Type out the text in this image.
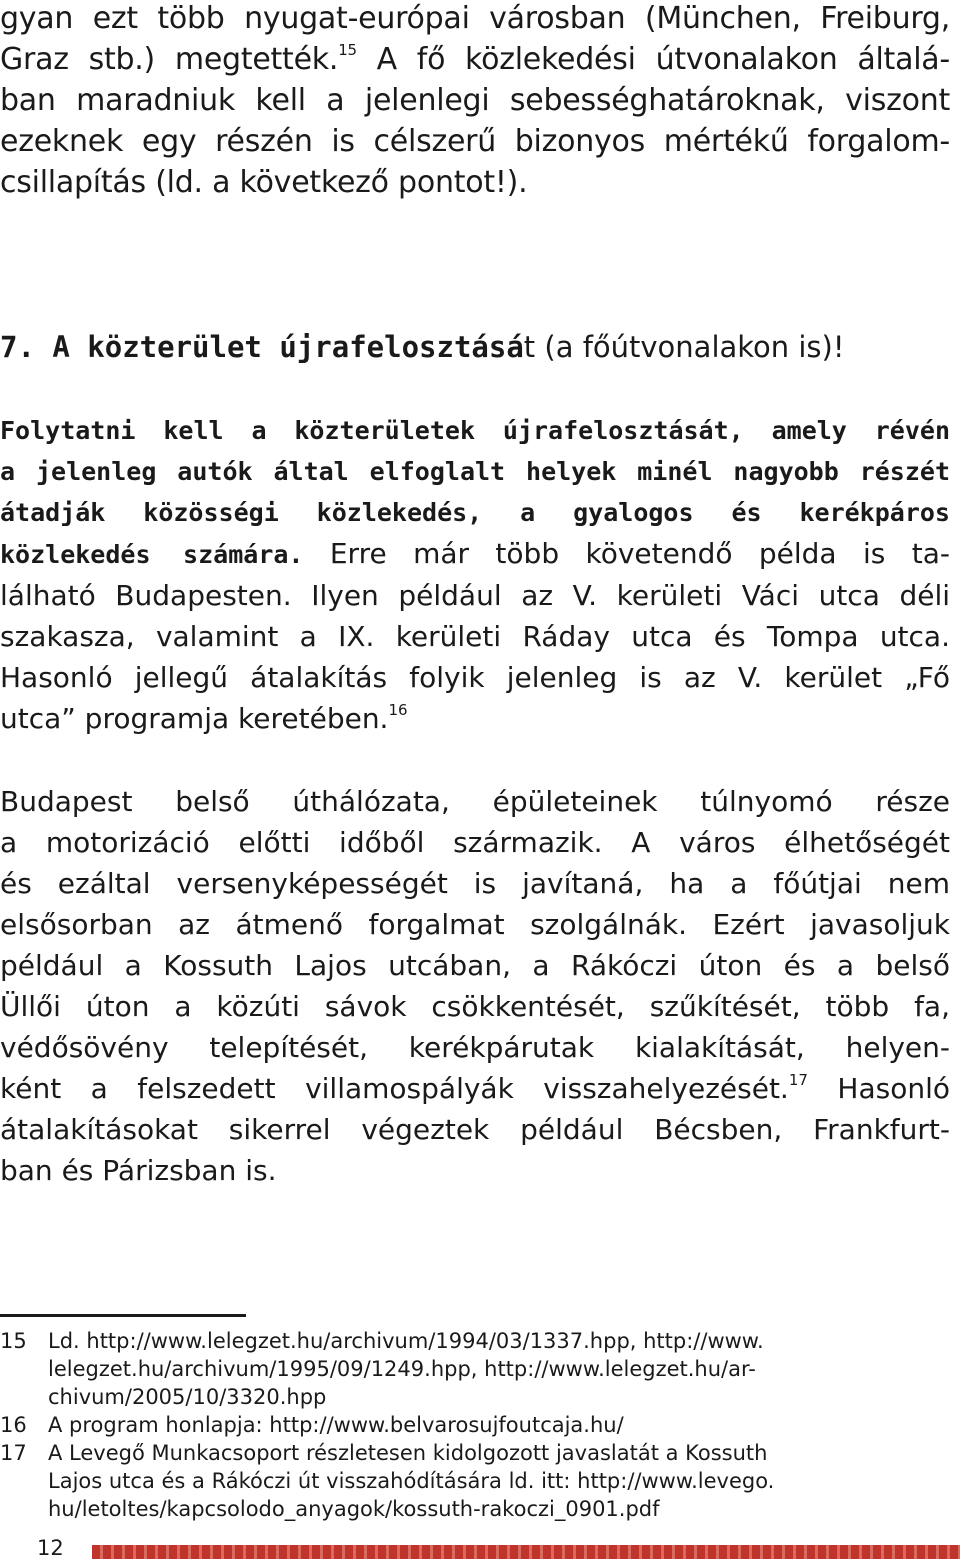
gyan ezt több nyugat-európai városban (München, Freiburg,
Graz stb.) megtették.$^{15}$ A fő közlekedési útvonalakon általá-
ban maradniuk kell a jelenlegi sebességhatároknak, viszont
ezeknek egy részén is célszerű bizonyos mértékű forgalom-
csillapítás (ld. a következő pontot!).
7. A közterület újrafelosztását (a főútvonalakon is)!
Folytatni kell a közterületek újrafelosztását, amely révén
a jelenleg autók által elfoglalt helyek minél nagyobb részét
átadják közösségi közlekedés, a gyalogos és kerékpáros
közlekedés számára. Erre már több követendő példa is ta-
lálható Budapesten. Ilyen például az V. kerületi Váci utca déli
szakasza, valamint a IX. kerületi Ráday utca és Tompa utca.
Hasonló jellegű átalakítás folyik jelenleg is az V. kerület „Fő
utca” programja keretében.$^{16}$
Budapest belső úthálózata, épületeinek túlnyomó része
a motorizáció előtti időből származik. A város élhetőségét
és ezáltal versenyképességét is javítaná, ha a főútjai nem
elsősorban az átmenő forgalmat szolgálnák. Ezért javasoljuk
például a Kossuth Lajos utcában, a Rákóczi úton és a belső
Üllői úton a közúti sávok csökkentését, szűkítését, több fa,
védősövény telepítését, kerékpárutak kialakítását, helyen-
ként a felszedett villamospályák visszahelyezését.$^{17}$ Hasonló
átalakításokat sikerrel végeztek például Bécsben, Frankfurt-
ban és Párizsban is.
15 Ld. http://www.lelegzet.hu/archivum/1994/03/1337.hpp, http://www.
lelegzet.hu/archivum/1995/09/1249.hpp, http://www.lelegzet.hu/ar-
chivum/2005/10/3320.hpp
16 A program honlapja: http://www.belvarosujfoutcaja.hu/
17 A Levegő Munkacsoport részletesen kidolgozott javaslatát a Kossuth
Lajos utca és a Rákóczi út visszahódítására ld. itt: http://www.levego.
hu/letoltes/kapcsolodo_anyagok/kossuth-rakoczi_0901.pdf
12
